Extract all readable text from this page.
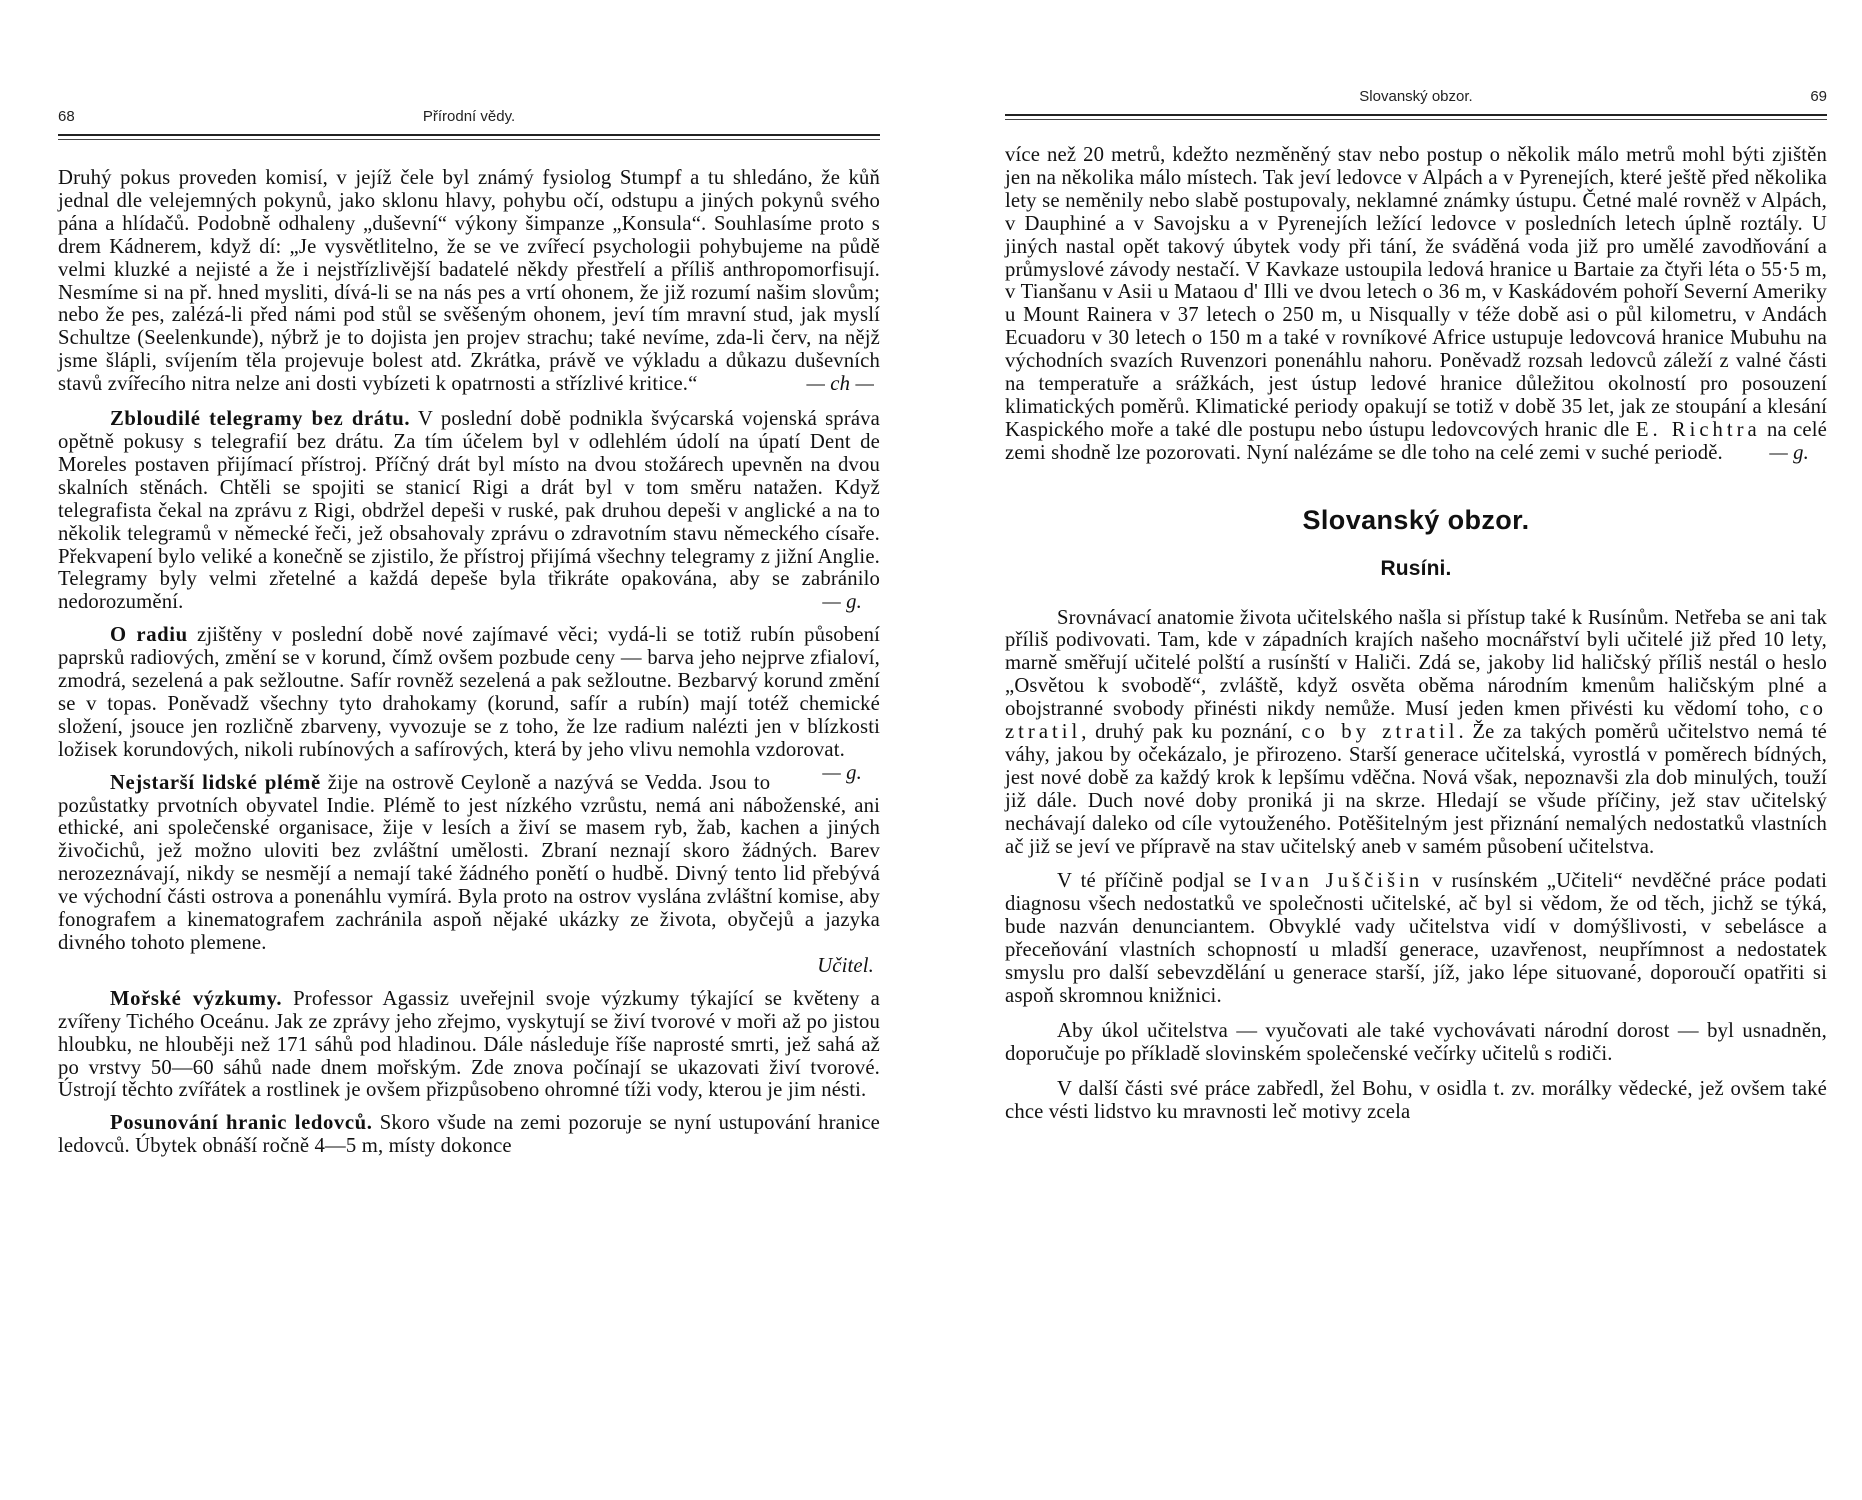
68	Přírodní vědy.

Druhý pokus proveden komisí, v jejíž čele byl známý fysiolog Stumpf a tu shledáno, že kůň jednal dle velejemných pokynů, jako sklonu hlavy, pohybu očí, odstupu a jiných pokynů svého pána a hlídačů. Podobně odhaleny „duševní“ výkony šimpanze „Konsula“. Souhlasíme proto s drem Kádnerem, když dí: „Je vysvětlitelno, že se ve zvířecí psychologii pohybujeme na půdě velmi kluzké a nejisté a že i nejstřízlivější badatelé někdy přestřelí a příliš anthropomorfisují. Nesmíme si na př. hned mysliti, dívá-li se na nás pes a vrtí ohonem, že již rozumí našim slovům; nebo že pes, zalézá-li před námi pod stůl se svěšeným ohonem, jeví tím mravní stud, jak myslí Schultze (Seelenkunde), nýbrž je to dojista jen projev strachu; také nevíme, zda-li červ, na nějž jsme šlápli, svíjením těla projevuje bolest atd. Zkrátka, právě ve výkladu a důkazu duševních stavů zvířecího nitra nelze ani dosti vybízeti k opatrnosti a střízlivé kritice.“	— ch —

Zbloudilé telegramy bez drátu. V poslední době podnikla švýcarská vojenská správa opětně pokusy s telegrafií bez drátu. Za tím účelem byl v odlehlém údolí na úpatí Dent de Moreles postaven přijímací přístroj. Příčný drát byl místo na dvou stožárech upevněn na dvou skalních stěnách. Chtěli se spojiti se stanicí Rigi a drát byl v tom směru natažen. Když telegrafista čekal na zprávu z Rigi, obdržel depeši v ruské, pak druhou depeši v anglické a na to několik telegramů v německé řeči, jež obsahovaly zprávu o zdravotním stavu německého císaře. Překvapení bylo veliké a konečně se zjistilo, že přístroj přijímá všechny telegramy z jižní Anglie. Telegramy byly velmi zřetelné a každá depeše byla třikráte opakována, aby se zabránilo nedorozumění.	— g.

O radiu zjištěny v poslední době nové zajímavé věci; vydá-li se totiž rubín působení paprsků radiových, změní se v korund, čímž ovšem pozbude ceny — barva jeho nejprve zfialoví, zmodrá, sezelená a pak sežloutne. Safír rovněž sezelená a pak sežloutne. Bezbarvý korund změní se v topas. Poněvadž všechny tyto drahokamy (korund, safír a rubín) mají totéž chemické složení, jsouce jen rozličně zbarveny, vyvozuje se z toho, že lze radium nalézti jen v blízkosti ložisek korundových, nikoli rubínových a safírových, která by jeho vlivu nemohla vzdorovat.
— g.

Nejstarší lidské plémě žije na ostrově Ceyloně a nazývá se Vedda. Jsou to pozůstatky prvotních obyvatel Indie. Plémě to jest nízkého vzrůstu, nemá ani náboženské, ani ethické, ani společenské organisace, žije v lesích a živí se masem ryb, žab, kachen a jiných živočichů, jež možno uloviti bez zvláštní umělosti. Zbraní neznají skoro žádných. Barev nerozeznávají, nikdy se nesmějí a nemají také žádného ponětí o hudbě. Divný tento lid přebývá ve východní části ostrova a ponenáhlu vymírá. Byla proto na ostrov vyslána zvláštní komise, aby fonografem a kinematografem zachránila aspoň nějaké ukázky ze života, obyčejů a jazyka divného tohoto plemene.

Učitel.

Mořské výzkumy. Professor Agassiz uveřejnil svoje výzkumy týkající se květeny a zvířeny Tichého Oceánu. Jak ze zprávy jeho zřejmo, vyskytují se živí tvorové v moři až po jistou hloubku, ne hlouběji než 171 sáhů pod hladinou. Dále následuje říše naprosté smrti, jež sahá až po vrstvy 50—60 sáhů nade dnem mořským. Zde znova počínají se ukazovati živí tvorové. Ústrojí těchto zvířátek a rostlinek je ovšem přizpůsobeno ohromné tíži vody, kterou je jim nésti.

Posunování hranic ledovců. Skoro všude na zemi pozoruje se nyní ustupování hranice ledovců. Úbytek obnáší ročně 4—5 m, místy dokonce

Slovanský obzor.	69

více než 20 metrů, kdežto nezměněný stav nebo postup o několik málo metrů mohl býti zjištěn jen na několika málo místech. Tak jeví ledovce v Alpách a v Pyrenejích, které ještě před několika lety se neměnily nebo slabě postupovaly, neklamné známky ústupu. Četné malé rovněž v Alpách, v Dauphiné a v Savojsku a v Pyrenejích ležící ledovce v posledních letech úplně roztály. U jiných nastal opět takový úbytek vody při tání, že sváděná voda již pro umělé zavodňování a průmyslové závody nestačí. V Kavkaze ustoupila ledová hranice u Bartaie za čtyři léta o 55·5 m, v Tianšanu v Asii u Mataou d' Illi ve dvou letech o 36 m, v Kaskádovém pohoří Severní Ameriky u Mount Rainera v 37 letech o 250 m, u Nisqually v téže době asi o půl kilometru, v Andách Ecuadoru v 30 letech o 150 m a také v rovníkové Africe ustupuje ledovcová hranice Mubuhu na východních svazích Ruvenzori ponenáhlu nahoru. Poněvadž rozsah ledovců záleží z valné části na temperatuře a srážkách, jest ústup ledové hranice důležitou okolností pro posouzení klimatických poměrů. Klimatické periody opakují se totiž v době 35 let, jak ze stoupání a klesání Kaspického moře a také dle postupu nebo ústupu ledovcových hranic dle E. Richtra na celé zemi shodně lze pozorovati. Nyní nalézáme se dle toho na celé zemi v suché periodě. — g.

Slovanský obzor.
Rusíni.

Srovnávací anatomie života učitelského našla si přístup také k Rusínům. Netřeba se ani tak příliš podivovati. Tam, kde v západních krajích našeho mocnářství byli učitelé již před 10 lety, marně směřují učitelé polští a rusínští v Haliči. Zdá se, jakoby lid haličský příliš nestál o heslo „Osvětou k svobodě“, zvláště, když osvěta oběma národním kmenům haličským plné a obojstranné svobody přinésti nikdy nemůže. Musí jeden kmen přivésti ku vědomí toho, co ztratil, druhý pak ku poznání, co by ztratil. Že za takých poměrů učitelstvo nemá té váhy, jakou by očekázalo, je přirozeno. Starší generace učitelská, vyrostlá v poměrech bídných, jest nové době za každý krok k lepšímu vděčna. Nová však, nepoznavši zla dob minulých, touží již dále. Duch nové doby proniká ji na skrze. Hledají se všude příčiny, jež stav učitelský nechávají daleko od cíle vytouženého. Potěšitelným jest přiznání nemalých nedostatků vlastních ač již se jeví ve přípravě na stav učitelský aneb v samém působení učitelstva.

V té příčině podjal se Ivan Juščišin v rusínském „Učiteli“ nevděčné práce podati diagnosu všech nedostatků ve společnosti učitelské, ač byl si vědom, že od těch, jichž se týká, bude nazván denunciantem. Obvyklé vady učitelstva vidí v domýšlivosti, v sebelásce a přeceňování vlastních schopností u mladší generace, uzavřenost, neupřímnost a nedostatek smyslu pro další sebevzdělání u generace starší, jíž, jako lépe situované, doporoučí opatřiti si aspoň skromnou knižnici.

Aby úkol učitelstva — vyučovati ale také vychovávati národní dorost — byl usnadněn, doporučuje po příkladě slovinském společenské večírky učitelů s rodiči.

V další části své práce zabředl, žel Bohu, v osidla t. zv. morálky vědecké, jež ovšem také chce vésti lidstvo ku mravnosti leč motivy zcela
